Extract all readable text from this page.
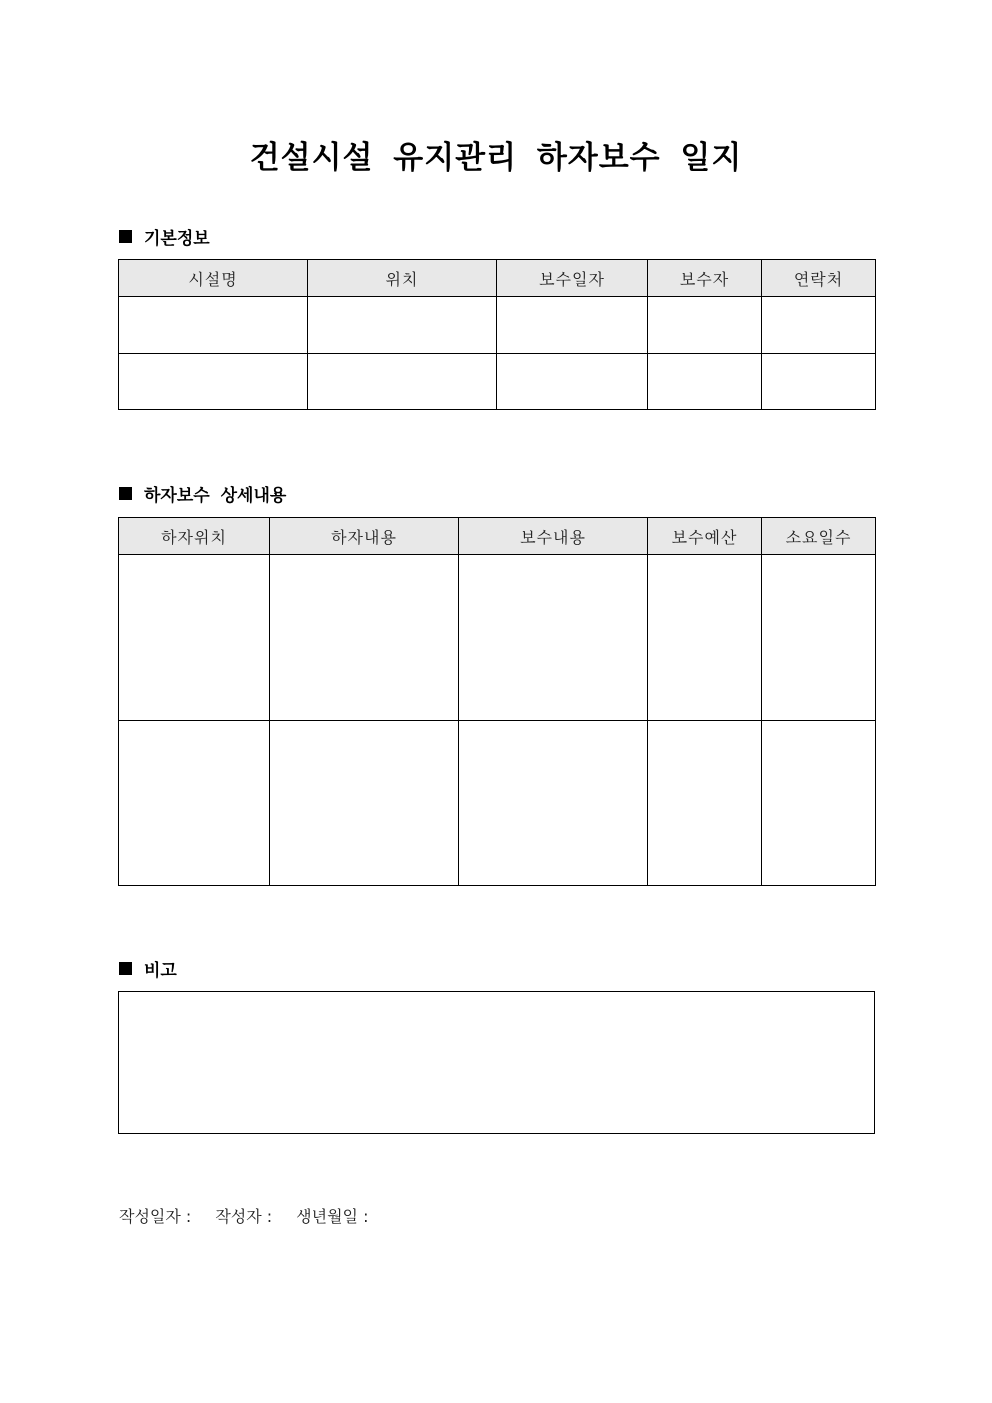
건설시설 유지관리 하자보수 일지
기본정보
시설명	위치	보수일자	보수자	연락처

하자보수 상세내용
하자위치	하자내용	보수내용	보수예산	소요일수

비고
작성일자 : 작성자 : 생년월일 :
